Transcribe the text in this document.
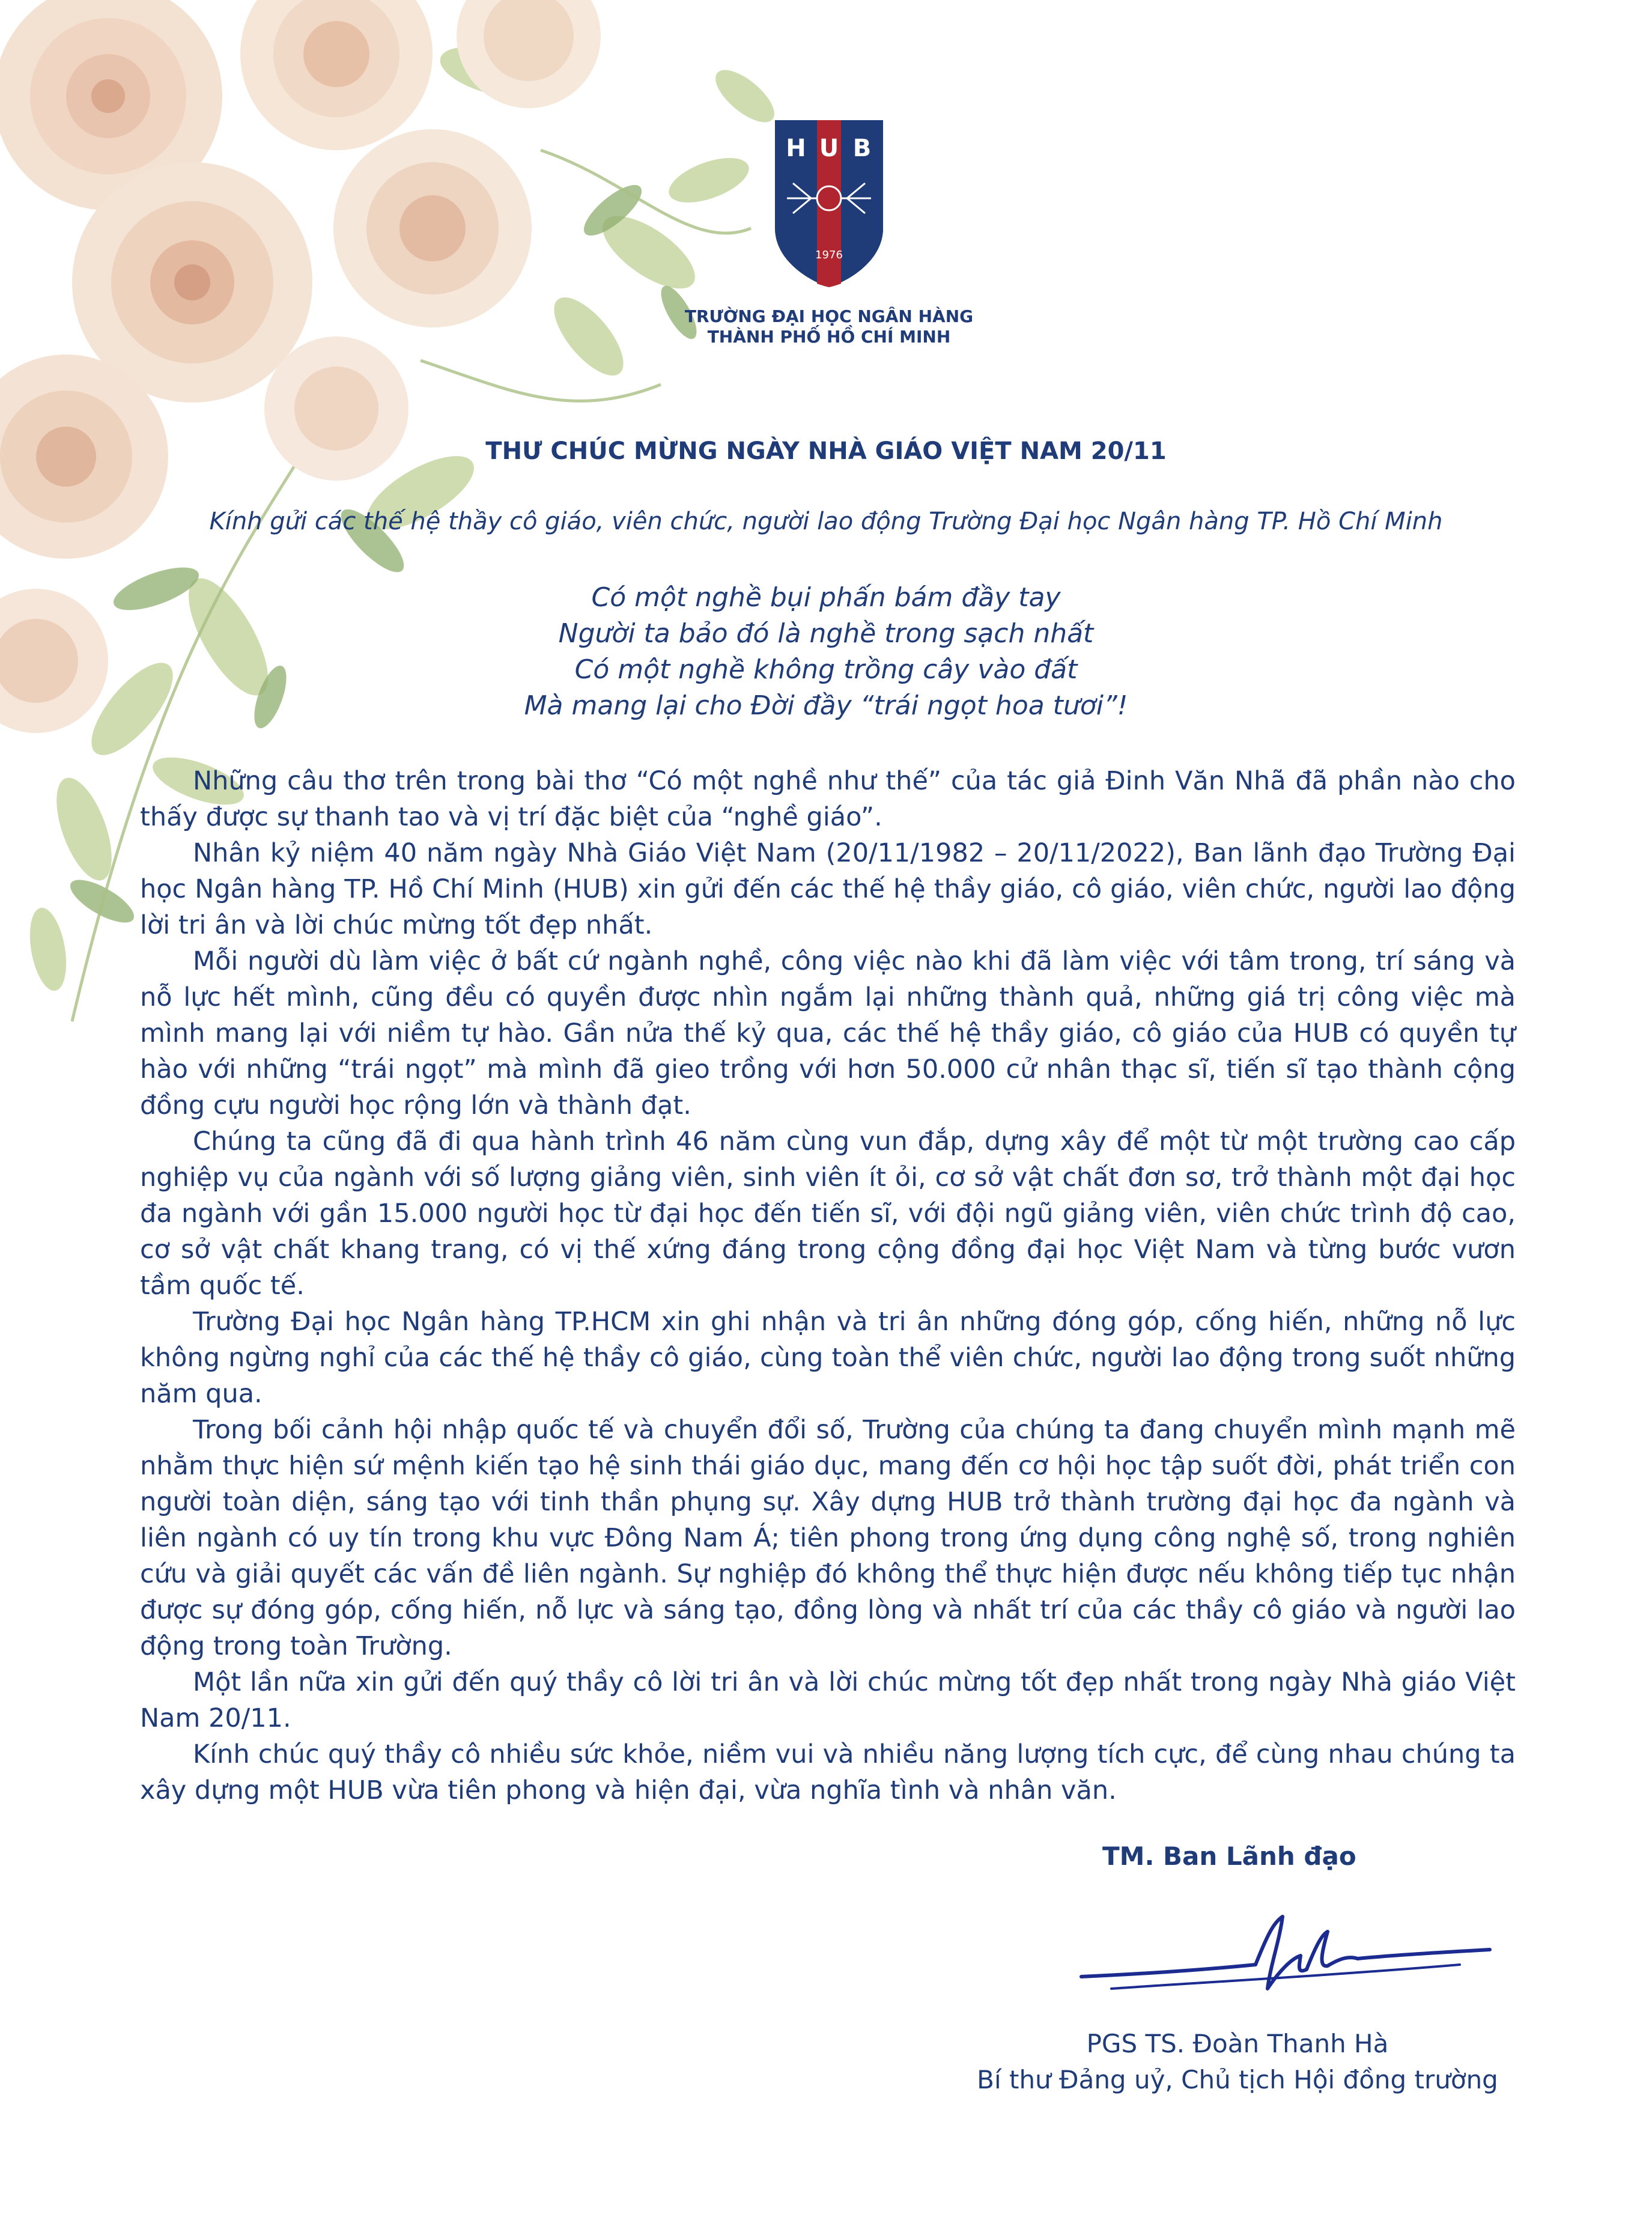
H U B
1976
TRƯỜNG ĐẠI HỌC NGÂN HÀNG
THÀNH PHỐ HỒ CHÍ MINH
THƯ CHÚC MỪNG NGÀY NHÀ GIÁO VIỆT NAM 20/11
Kính gửi các thế hệ thầy cô giáo, viên chức, người lao động Trường Đại học Ngân hàng TP. Hồ Chí Minh
Có một nghề bụi phấn bám đầy tay
Người ta bảo đó là nghề trong sạch nhất
Có một nghề không trồng cây vào đất
Mà mang lại cho Đời đầy “trái ngọt hoa tươi”!

Những câu thơ trên trong bài thơ “Có một nghề như thế” của tác giả Đinh Văn Nhã đã phần nào cho thấy được sự thanh tao và vị trí đặc biệt của “nghề giáo”.

Nhân kỷ niệm 40 năm ngày Nhà Giáo Việt Nam (20/11/1982 – 20/11/2022), Ban lãnh đạo Trường Đại học Ngân hàng TP. Hồ Chí Minh (HUB) xin gửi đến các thế hệ thầy giáo, cô giáo, viên chức, người lao động lời tri ân và lời chúc mừng tốt đẹp nhất.

Mỗi người dù làm việc ở bất cứ ngành nghề, công việc nào khi đã làm việc với tâm trong, trí sáng và nỗ lực hết mình, cũng đều có quyền được nhìn ngắm lại những thành quả, những giá trị công việc mà mình mang lại với niềm tự hào. Gần nửa thế kỷ qua, các thế hệ thầy giáo, cô giáo của HUB có quyền tự hào với những “trái ngọt” mà mình đã gieo trồng với hơn 50.000 cử nhân thạc sĩ, tiến sĩ tạo thành cộng đồng cựu người học rộng lớn và thành đạt.

Chúng ta cũng đã đi qua hành trình 46 năm cùng vun đắp, dựng xây để một từ một trường cao cấp nghiệp vụ của ngành với số lượng giảng viên, sinh viên ít ỏi, cơ sở vật chất đơn sơ, trở thành một đại học đa ngành với gần 15.000 người học từ đại học đến tiến sĩ, với đội ngũ giảng viên, viên chức trình độ cao, cơ sở vật chất khang trang, có vị thế xứng đáng trong cộng đồng đại học Việt Nam và từng bước vươn tầm quốc tế.

Trường Đại học Ngân hàng TP.HCM xin ghi nhận và tri ân những đóng góp, cống hiến, những nỗ lực không ngừng nghỉ của các thế hệ thầy cô giáo, cùng toàn thể viên chức, người lao động trong suốt những năm qua.

Trong bối cảnh hội nhập quốc tế và chuyển đổi số, Trường của chúng ta đang chuyển mình mạnh mẽ nhằm thực hiện sứ mệnh kiến tạo hệ sinh thái giáo dục, mang đến cơ hội học tập suốt đời, phát triển con người toàn diện, sáng tạo với tinh thần phụng sự. Xây dựng HUB trở thành trường đại học đa ngành và liên ngành có uy tín trong khu vực Đông Nam Á; tiên phong trong ứng dụng công nghệ số, trong nghiên cứu và giải quyết các vấn đề liên ngành. Sự nghiệp đó không thể thực hiện được nếu không tiếp tục nhận được sự đóng góp, cống hiến, nỗ lực và sáng tạo, đồng lòng và nhất trí của các thầy cô giáo và người lao động trong toàn Trường.

Một lần nữa xin gửi đến quý thầy cô lời tri ân và lời chúc mừng tốt đẹp nhất trong ngày Nhà giáo Việt Nam 20/11.

Kính chúc quý thầy cô nhiều sức khỏe, niềm vui và nhiều năng lượng tích cực, để cùng nhau chúng ta xây dựng một HUB vừa tiên phong và hiện đại, vừa nghĩa tình và nhân văn.

TM. Ban Lãnh đạo
PGS TS. Đoàn Thanh Hà
Bí thư Đảng uỷ, Chủ tịch Hội đồng trường
